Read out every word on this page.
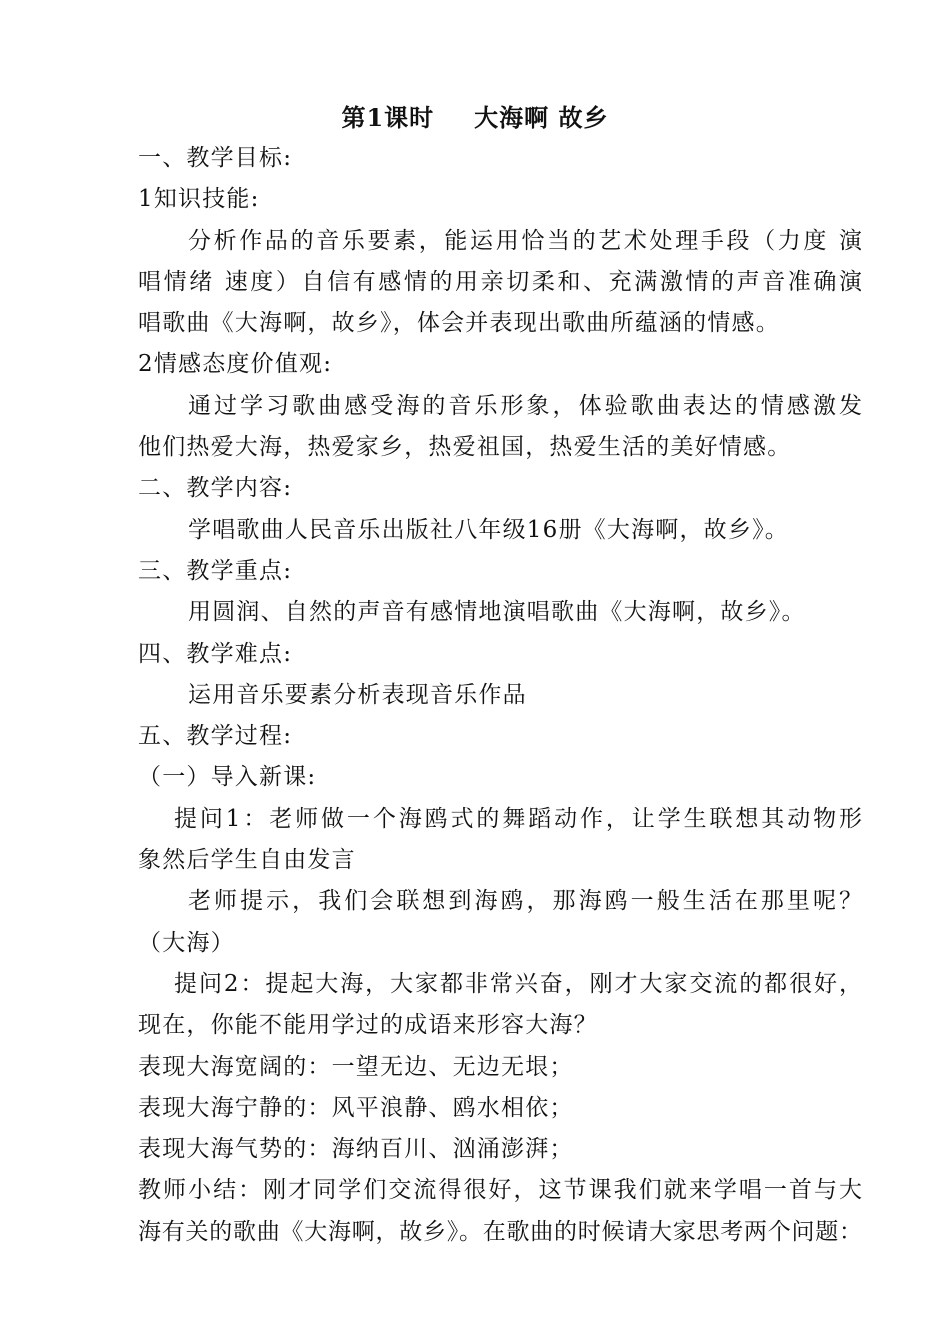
第1课时 大海啊 故乡
一、教学目标:
1知识技能:
分析作品的音乐要素，能运用恰当的艺术处理手段（力度 演
唱情绪 速度）自信有感情的用亲切柔和、充满激情的声音准确演
唱歌曲《大海啊，故乡》，体会并表现出歌曲所蕴涵的情感。
2情感态度价值观:
通过学习歌曲感受海的音乐形象，体验歌曲表达的情感激发
他们热爱大海，热爱家乡，热爱祖国，热爱生活的美好情感。
二、教学内容:
学唱歌曲人民音乐出版社八年级16册《大海啊，故乡》。
三、教学重点:
用圆润、自然的声音有感情地演唱歌曲《大海啊，故乡》。
四、教学难点:
运用音乐要素分析表现音乐作品
五、教学过程:
（一）导入新课:
提问1：老师做一个海鸥式的舞蹈动作，让学生联想其动物形
象然后学生自由发言
老师提示，我们会联想到海鸥，那海鸥一般生活在那里呢？
（大海）
提问2：提起大海，大家都非常兴奋，刚才大家交流的都很好，
现在，你能不能用学过的成语来形容大海？
表现大海宽阔的：一望无边、无边无垠；
表现大海宁静的：风平浪静、鸥水相依；
表现大海气势的：海纳百川、汹涌澎湃；
教师小结：刚才同学们交流得很好，这节课我们就来学唱一首与大
海有关的歌曲《大海啊，故乡》。在歌曲的时候请大家思考两个问题：
